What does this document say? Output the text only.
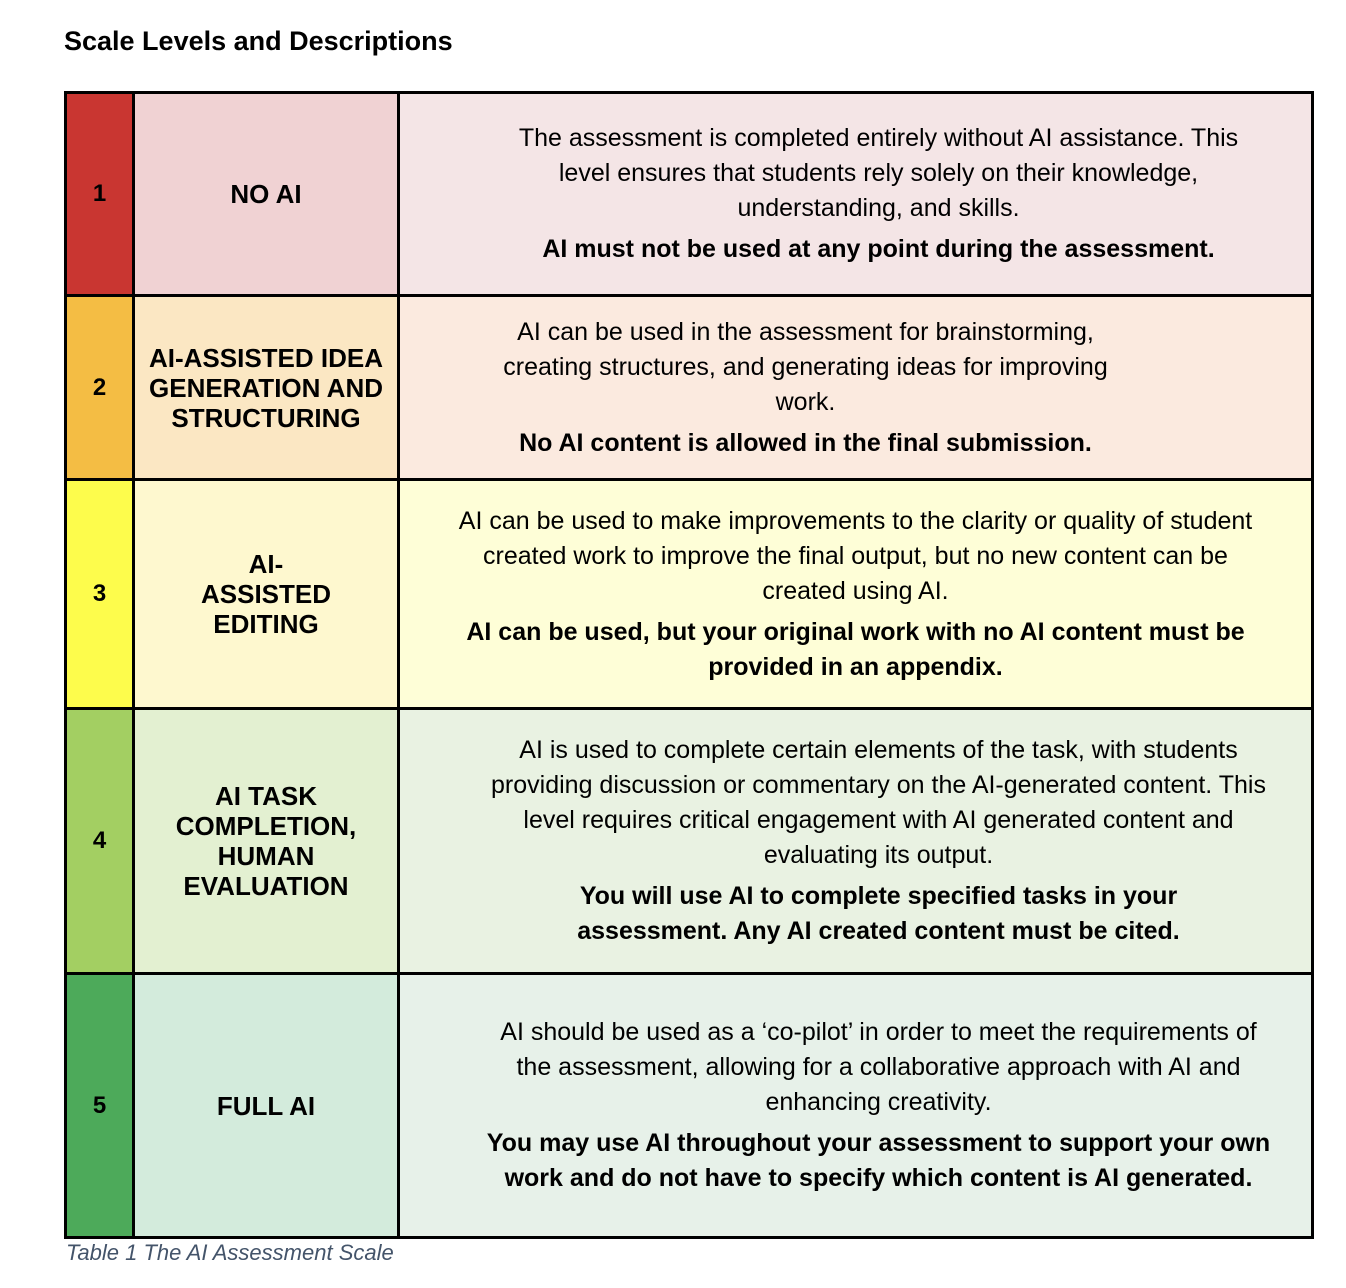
Scale Levels and Descriptions
1	NO AI	The assessment is completed entirely without AI assistance. This level ensures that students rely solely on their knowledge, understanding, and skills.
AI must not be used at any point during the assessment.

2	AI-ASSISTED IDEA GENERATION AND STRUCTURING	AI can be used in the assessment for brainstorming, creating structures, and generating ideas for improving work.
No AI content is allowed in the final submission.

3	AI-ASSISTED EDITING	AI can be used to make improvements to the clarity or quality of student created work to improve the final output, but no new content can be created using AI.
AI can be used, but your original work with no AI content must be provided in an appendix.

4	AI TASK COMPLETION, HUMAN EVALUATION	AI is used to complete certain elements of the task, with students providing discussion or commentary on the AI-generated content. This level requires critical engagement with AI generated content and evaluating its output.
You will use AI to complete specified tasks in your assessment. Any AI created content must be cited.

5	FULL AI	AI should be used as a ‘co-pilot’ in order to meet the requirements of the assessment, allowing for a collaborative approach with AI and enhancing creativity.
You may use AI throughout your assessment to support your own work and do not have to specify which content is AI generated.
Table 1 The AI Assessment Scale
